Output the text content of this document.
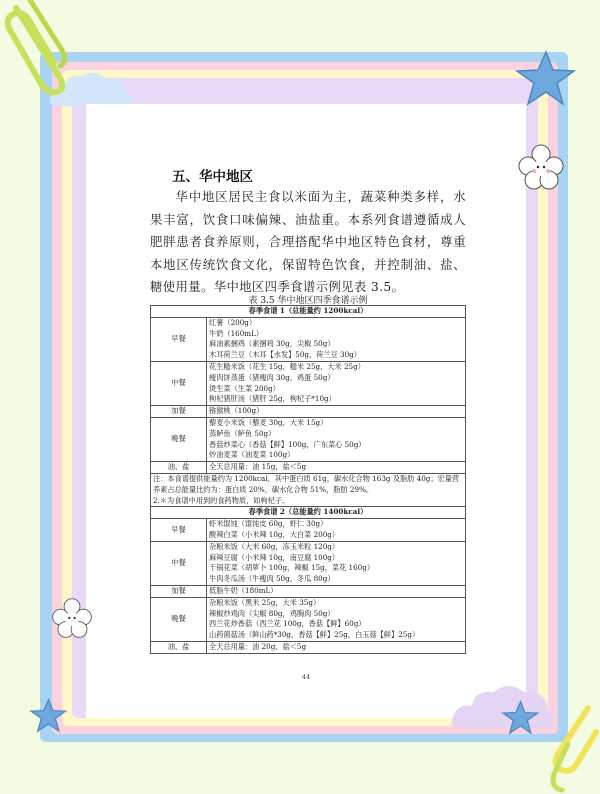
五、华中地区
华中地区居民主食以米面为主，蔬菜种类多样，水果丰富，饮食口味偏辣、油盐重。本系列食谱遵循成人肥胖患者食养原则，合理搭配华中地区特色食材，尊重本地区传统饮食文化，保留特色饮食，并控制油、盐、糖使用量。华中地区四季食谱示例见表 3.5。
表 3.5 华中地区四季食谱示例
春季食谱 1（总能量约 1200kcal）	
早餐	红薯（200g）
牛奶（160mL）
麻油素捆鸡（素捆鸡 30g，尖椒 50g）
木耳荷兰豆（木耳【水发】50g，荷兰豆 30g）

中餐	花生糙米饭（花生 15g，糙米 25g，大米 25g）
瘦肉饼蒸蛋（猪瘦肉 30g，鸡蛋 50g）
烫生菜（生菜 200g）
枸杞猪肝汤（猪肝 25g，枸杞子*10g）

加餐	猕猴桃（100g）

晚餐	藜麦小米饭（藜麦 30g，大米 15g）
蒸鲈鱼（鲈鱼 50g）
香菇炒菜心（香菇【鲜】100g，广东菜心 50g）
炒油麦菜（油麦菜 100g）

油、盐	全天总用量：油 15g，盐＜5g

注：本食谱提供能量约为 1200kcal，其中蛋白质 61g，碳水化合物 163g 及脂肪 40g；宏量营养素占总能量比约为：蛋白质 20%，碳水化合物 51%，脂肪 29%。
2.＊为食谱中用到的食药物质，如枸杞子。	

春季食谱 2（总能量约 1400kcal）	
早餐	虾米馄饨（馄饨皮 60g，虾仁 30g）
酸辣白菜（小米辣 10g，大白菜 200g）

中餐	杂粮米饭（大米 60g，冻玉米粒 120g）
麻辣豆腐（小米辣 10g，南豆腐 100g）
干锅花菜（胡萝卜 100g，辣椒 15g，菜花 160g）
牛肉冬瓜汤（牛瘦肉 50g，冬瓜 80g）

加餐	低脂牛奶（180mL）

晚餐	杂粮米饭（黑米 25g，大米 35g）
辣椒炒鸡肉（尖椒 80g，鸡胸肉 50g）
西兰花炒香菇（西兰花 100g，香菇【鲜】60g）
山药菌菇汤（鲜山药*30g，香菇【鲜】25g，白玉菇【鲜】25g）

油、盐	全天总用量：油 20g，盐＜5g
44
